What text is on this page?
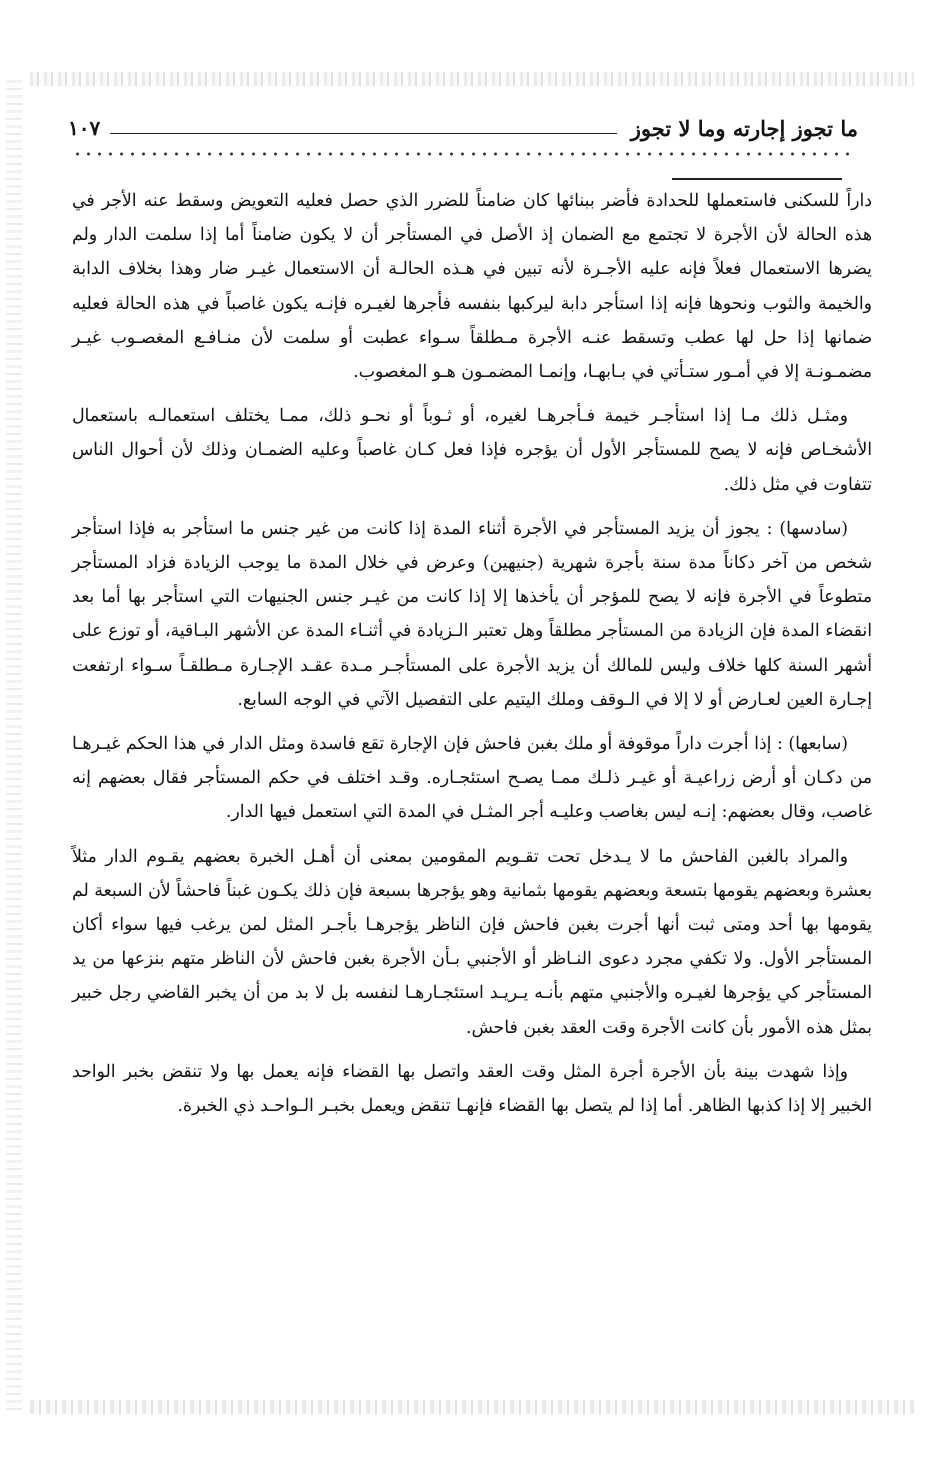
ما تجوز إجارته وما لا تجوز
١٠٧

داراً للسكنى فاستعملها للحدادة فأضر ببنائها كان ضامناً للضرر الذي حصل فعليه التعويض وسقط عنه الأجر في هذه الحالة لأن الأجرة لا تجتمع مع الضمان إذ الأصل في المستأجر أن لا يكون ضامناً أما إذا سلمت الدار ولم يضرها الاستعمال فعلاً فإنه عليه الأجـرة لأنه تبين في هـذه الحالـة أن الاستعمال غيـر ضار وهذا بخلاف الدابة والخيمة والثوب ونحوها فإنه إذا استأجر دابة ليركبها بنفسه فأجرها لغيـره فإنـه يكون غاصباً في هذه الحالة فعليه ضمانها إذا حل لها عطب وتسقط عنـه الأجرة مـطلقاً سـواء عطبت أو سلمت لأن منـافـع المغصـوب غيـر مضمـونـة إلا في أمـور ستـأتي في بـابهـا، وإنمـا المضمـون هـو المغصوب.

ومثـل ذلك مـا إذا استأجـر خيمة فـأجرهـا لغيره، أو ثـوباً أو نحـو ذلك، ممـا يختلف استعمالـه باستعمال الأشخـاص فإنه لا يصح للمستأجر الأول أن يؤجره فإذا فعل كـان غاصباً وعليه الضمـان وذلك لأن أحوال الناس تتفاوت في مثل ذلك.

(سادسها) : يجوز أن يزيد المستأجر في الأجرة أثناء المدة إذا كانت من غير جنس ما استأجر به فإذا استأجر شخص من آخر دكاناً مدة سنة بأجرة شهرية (جنيهين) وعرض في خلال المدة ما يوجب الزيادة فزاد المستأجر متطوعاً في الأجرة فإنه لا يصح للمؤجر أن يأخذها إلا إذا كانت من غيـر جنس الجنيهات التي استأجر بها أما بعد انقضاء المدة فإن الزيادة من المستأجر مطلقاً وهل تعتبر الـزيادة في أثنـاء المدة عن الأشهر البـاقية، أو توزع على أشهر السنة كلها خلاف وليس للمالك أن يزيد الأجرة على المستأجـر مـدة عقـد الإجـارة مـطلقـاً سـواء ارتفعت إجـارة العين لعـارض أو لا إلا في الـوقف وملك اليتيم على التفصيل الآتي في الوجه السابع.

(سابعها) : إذا أجرت داراً موقوفة أو ملك بغبن فاحش فإن الإجارة تقع فاسدة ومثل الدار في هذا الحكم غيـرهـا من دكـان أو أرض زراعيـة أو غيـر ذلـك ممـا يصـح استئجـاره. وقـد اختلف في حكم المستأجر فقال بعضهم إنه غاصب، وقال بعضهم: إنـه ليس بغاصب وعليـه أجر المثـل في المدة التي استعمل فيها الدار.

والمراد بالغبن الفاحش ما لا يـدخل تحت تقـويم المقومين بمعنى أن أهـل الخبرة بعضهم يقـوم الدار مثلاً بعشرة وبعضهم يقومها بتسعة وبعضهم يقومها بثمانية وهو يؤجرها بسبعة فإن ذلك يكـون غبناً فاحشاً لأن السبعة لم يقومها بها أحد ومتى ثبت أنها أجرت بغبن فاحش فإن الناظر يؤجرهـا بأجـر المثل لمن يرغب فيها سواء أكان المستأجر الأول. ولا تكفي مجرد دعوى النـاظر أو الأجنبي بـأن الأجرة بغبن فاحش لأن الناظر متهم بنزعها من يد المستأجر كي يؤجرها لغيـره والأجنبي متهم بأنـه يـريـد استئجـارهـا لنفسه بل لا بد من أن يخبر القاضي رجل خبير بمثل هذه الأمور بأن كانت الأجرة وقت العقد بغبن فاحش.

وإذا شهدت بينة بأن الأجرة أجرة المثل وقت العقد واتصل بها القضاء فإنه يعمل بها ولا تنقض بخبر الواحد الخبير إلا إذا كذبها الظاهر. أما إذا لم يتصل بها القضاء فإنهـا تنقض ويعمل بخبـر الـواحـد ذي الخبرة.
